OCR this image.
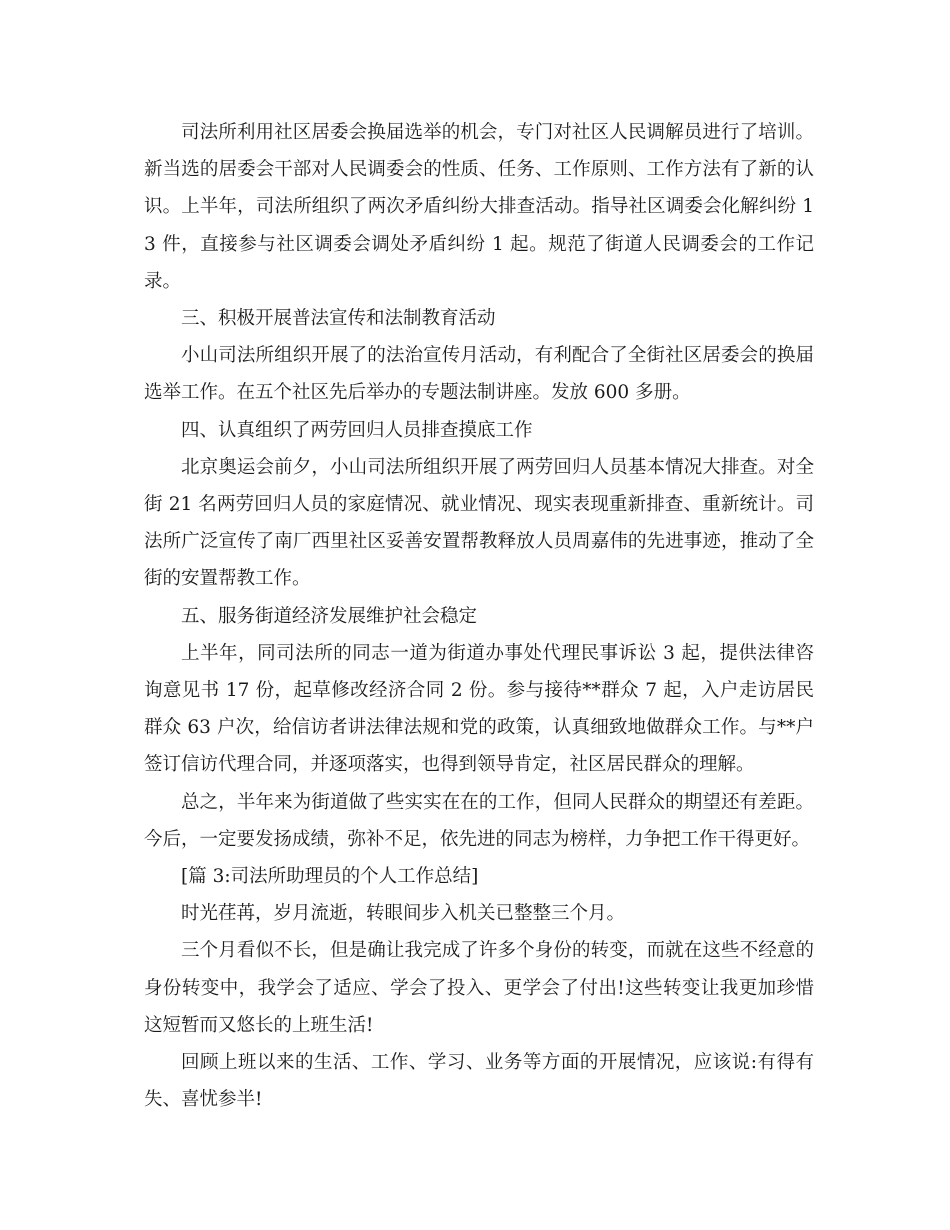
司法所利用社区居委会换届选举的机会，专门对社区人民调解员进行了培训。新当选的居委会干部对人民调委会的性质、任务、工作原则、工作方法有了新的认识。上半年，司法所组织了两次矛盾纠纷大排查活动。指导社区调委会化解纠纷 13 件，直接参与社区调委会调处矛盾纠纷 1 起。规范了街道人民调委会的工作记录。

三、积极开展普法宣传和法制教育活动

小山司法所组织开展了的法治宣传月活动，有利配合了全街社区居委会的换届选举工作。在五个社区先后举办的专题法制讲座。发放 600 多册。

四、认真组织了两劳回归人员排查摸底工作

北京奥运会前夕，小山司法所组织开展了两劳回归人员基本情况大排查。对全街 21 名两劳回归人员的家庭情况、就业情况、现实表现重新排查、重新统计。司法所广泛宣传了南厂西里社区妥善安置帮教释放人员周嘉伟的先进事迹，推动了全街的安置帮教工作。

五、服务街道经济发展维护社会稳定

上半年，同司法所的同志一道为街道办事处代理民事诉讼 3 起，提供法律咨询意见书 17 份，起草修改经济合同 2 份。参与接待**群众 7 起，入户走访居民群众 63 户次，给信访者讲法律法规和党的政策，认真细致地做群众工作。与**户签订信访代理合同，并逐项落实，也得到领导肯定，社区居民群众的理解。

总之，半年来为街道做了些实实在在的工作，但同人民群众的期望还有差距。今后，一定要发扬成绩，弥补不足，依先进的同志为榜样，力争把工作干得更好。

[篇 3:司法所助理员的个人工作总结]

时光荏苒，岁月流逝，转眼间步入机关已整整三个月。

三个月看似不长，但是确让我完成了许多个身份的转变，而就在这些不经意的身份转变中，我学会了适应、学会了投入、更学会了付出!这些转变让我更加珍惜这短暂而又悠长的上班生活!

回顾上班以来的生活、工作、学习、业务等方面的开展情况，应该说:有得有失、喜忧参半!
